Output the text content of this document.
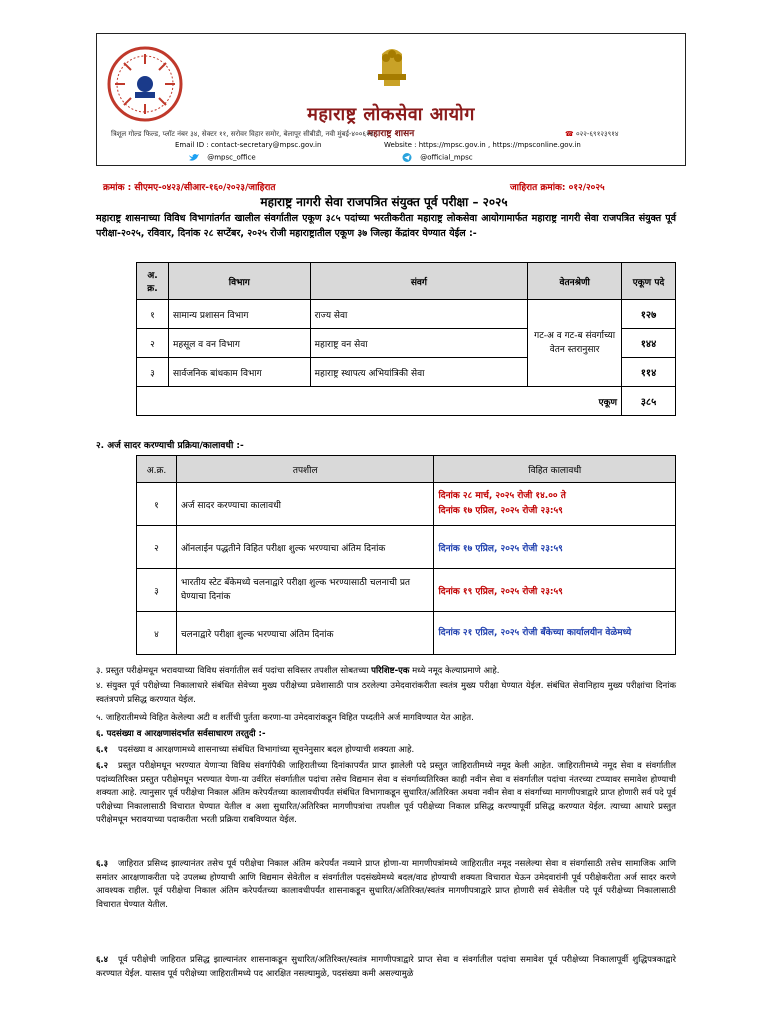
महाराष्ट्र शासन
महाराष्ट्र लोकसेवा आयोग
त्रिशूल गोल्ड फिल्ड, प्लॉट नंबर ३४, सेक्टर ११, सरोवर विहार समोर, बेलापूर सीबीडी, नवी मुंबई-४००६१४	☎ ०२२-६९१२३९१४
Email ID : contact-secretary@mpsc.gov.in	Website : https://mpsc.gov.in , https://mpsconline.gov.in
@mpsc_office	@official_mpsc
क्रमांक : सीएमए-०४२३/सीआर-१६०/२०२३/जाहिरात	जाहिरात क्रमांक: ०१२/२०२५
महाराष्ट्र नागरी सेवा राजपत्रित संयुक्त पूर्व परीक्षा – २०२५
महाराष्ट्र शासनाच्या विविध विभागांतर्गत खालील संवर्गातील एकूण ३८५ पदांच्या भरतीकरीता महाराष्ट्र लोकसेवा आयोगामार्फत महाराष्ट्र नागरी सेवा राजपत्रित संयुक्त पूर्व परीक्षा-२०२५, रविवार, दिनांक २८ सप्टेंबर, २०२५ रोजी महाराष्ट्रातील एकूण ३७ जिल्हा केंद्रांवर घेण्यात येईल :-
अ. क्र.	विभाग	संवर्ग	वेतनश्रेणी	एकूण पदे
१	सामान्य प्रशासन विभाग	राज्य सेवा	गट-अ व गट-ब संवर्गाच्या वेतन स्तरानुसार	१२७
२	महसूल व वन विभाग	महाराष्ट्र वन सेवा		१४४
३	सार्वजनिक बांधकाम विभाग	महाराष्ट्र स्थापत्य अभियांत्रिकी सेवा		११४
एकूण				३८५
२. अर्ज सादर करण्याची प्रक्रिया/कालावधी :-
अ.क्र.	तपशील	विहित कालावधी
१	अर्ज सादर करण्याचा कालावधी	दिनांक २८ मार्च, २०२५ रोजी १४.०० ते
दिनांक १७ एप्रिल, २०२५ रोजी २३:५९

२	ऑनलाईन पद्धतीने विहित परीक्षा शुल्क भरण्याचा अंतिम दिनांक	दिनांक १७ एप्रिल, २०२५ रोजी २३:५९
३	भारतीय स्टेट बँकेमध्ये चलनाद्वारे परीक्षा शुल्क भरण्यासाठी चलनाची प्रत घेण्याचा दिनांक	दिनांक १९ एप्रिल, २०२५ रोजी २३:५९
४	चलनाद्वारे परीक्षा शुल्क भरण्याचा अंतिम दिनांक	दिनांक २१ एप्रिल, २०२५ रोजी बँकेच्या कार्यालयीन वेळेमध्ये
३. प्रस्तुत परीक्षेमधून भरावयाच्या विविध संवर्गातील सर्व पदांचा सविस्तर तपशील सोबतच्या परिशिष्ट-एक मध्ये नमूद केल्याप्रमाणे आहे.
४. संयुक्त पूर्व परीक्षेच्या निकालाधारे संबंधित सेवेच्या मुख्य परीक्षेच्या प्रवेशासाठी पात्र ठरलेल्या उमेदवारांकरीता स्वतंत्र मुख्य परीक्षा घेण्यात येईल. संबंधित सेवानिहाय मुख्य परीक्षांचा दिनांक स्वतंत्रपणे प्रसिद्ध करण्यात येईल.
५. जाहिरातीमध्ये विहित केलेल्या अटी व शर्तीची पुर्तता करणा-या उमेदवारांकडून विहित पध्दतीने अर्ज मागविण्यात येत आहेत.
६. पदसंख्या व आरक्षणासंदर्भात सर्वसाधारण तरतुदी :-
६.१ पदसंख्या व आरक्षणामध्ये शासनाच्या संबंधित विभागांच्या सूचनेनुसार बदल होण्याची शक्यता आहे.
६.२ प्रस्तुत परीक्षेमधून भरण्यात येणाऱ्या विविध संवर्गापैकी जाहिरातीच्या दिनांकापर्यंत प्राप्त झालेली पदे प्रस्तुत जाहिरातीमध्ये नमूद केली आहेत. जाहिरातीमध्ये नमूद सेवा व संवर्गातील पदांव्यतिरिक्त प्रस्तुत परीक्षेमधून भरण्यात येणा-या उर्वरित संवर्गातील पदांचा तसेच विद्यमान सेवा व संवर्गाव्यतिरिक्त काही नवीन सेवा व संवर्गातील पदांचा नंतरच्या टप्प्यावर समावेश होण्याची शक्यता आहे. त्यानुसार पूर्व परीक्षेचा निकाल अंतिम करेपर्यंतच्या कालावधीपर्यंत संबंधित विभागाकडून सुधारित/अतिरिक्त अथवा नवीन सेवा व संवर्गाच्या मागणीपत्राद्वारे प्राप्त होणारी सर्व पदे पूर्व परीक्षेच्या निकालासाठी विचारात घेण्यात येतील व अशा सुधारित/अतिरिक्त मागणीपत्रांचा तपशील पूर्व परीक्षेच्या निकाल प्रसिद्ध करण्यापूर्वी प्रसिद्ध करण्यात येईल. त्याच्या आधारे प्रस्तुत परीक्षेमधून भरावयाच्या पदाकरीता भरती प्रक्रिया राबविण्यात येईल.
६.३ जाहिरात प्रसिध्द झाल्यानंतर तसेच पूर्व परीक्षेचा निकाल अंतिम करेपर्यंत नव्याने प्राप्त होणा-या मागणीपत्रांमध्ये जाहिरातीत नमूद नसलेल्या सेवा व संवर्गासाठी तसेच सामाजिक आणि समांतर आरक्षणाकरीता पदे उपलब्ध होण्याची आणि विद्यमान सेवेतील व संवर्गातील पदसंख्येमध्ये बदल/वाढ होण्याची शक्यता विचारात घेऊन उमेदवारांनी पूर्व परीक्षेकरीता अर्ज सादर करणे आवश्यक राहील. पूर्व परीक्षेचा निकाल अंतिम करेपर्यंतच्या कालावधीपर्यंत शासनाकडून सुधारित/अतिरिक्त/स्वतंत्र मागणीपत्राद्वारे प्राप्त होणारी सर्व सेवेतील पदे पूर्व परीक्षेच्या निकालासाठी विचारात घेण्यात येतील.
६.४ पूर्व परीक्षेची जाहिरात प्रसिद्ध झाल्यानंतर शासनाकडून सुधारित/अतिरिक्त/स्वतंत्र मागणीपत्राद्वारे प्राप्त सेवा व संवर्गातील पदांचा समावेश पूर्व परीक्षेच्या निकालापूर्वी शुद्धिपत्रकाद्वारे करण्यात येईल. यास्तव पूर्व परीक्षेच्या जाहिरातीमध्ये पद आरक्षित नसल्यामुळे, पदसंख्या कमी असल्यामुळे
